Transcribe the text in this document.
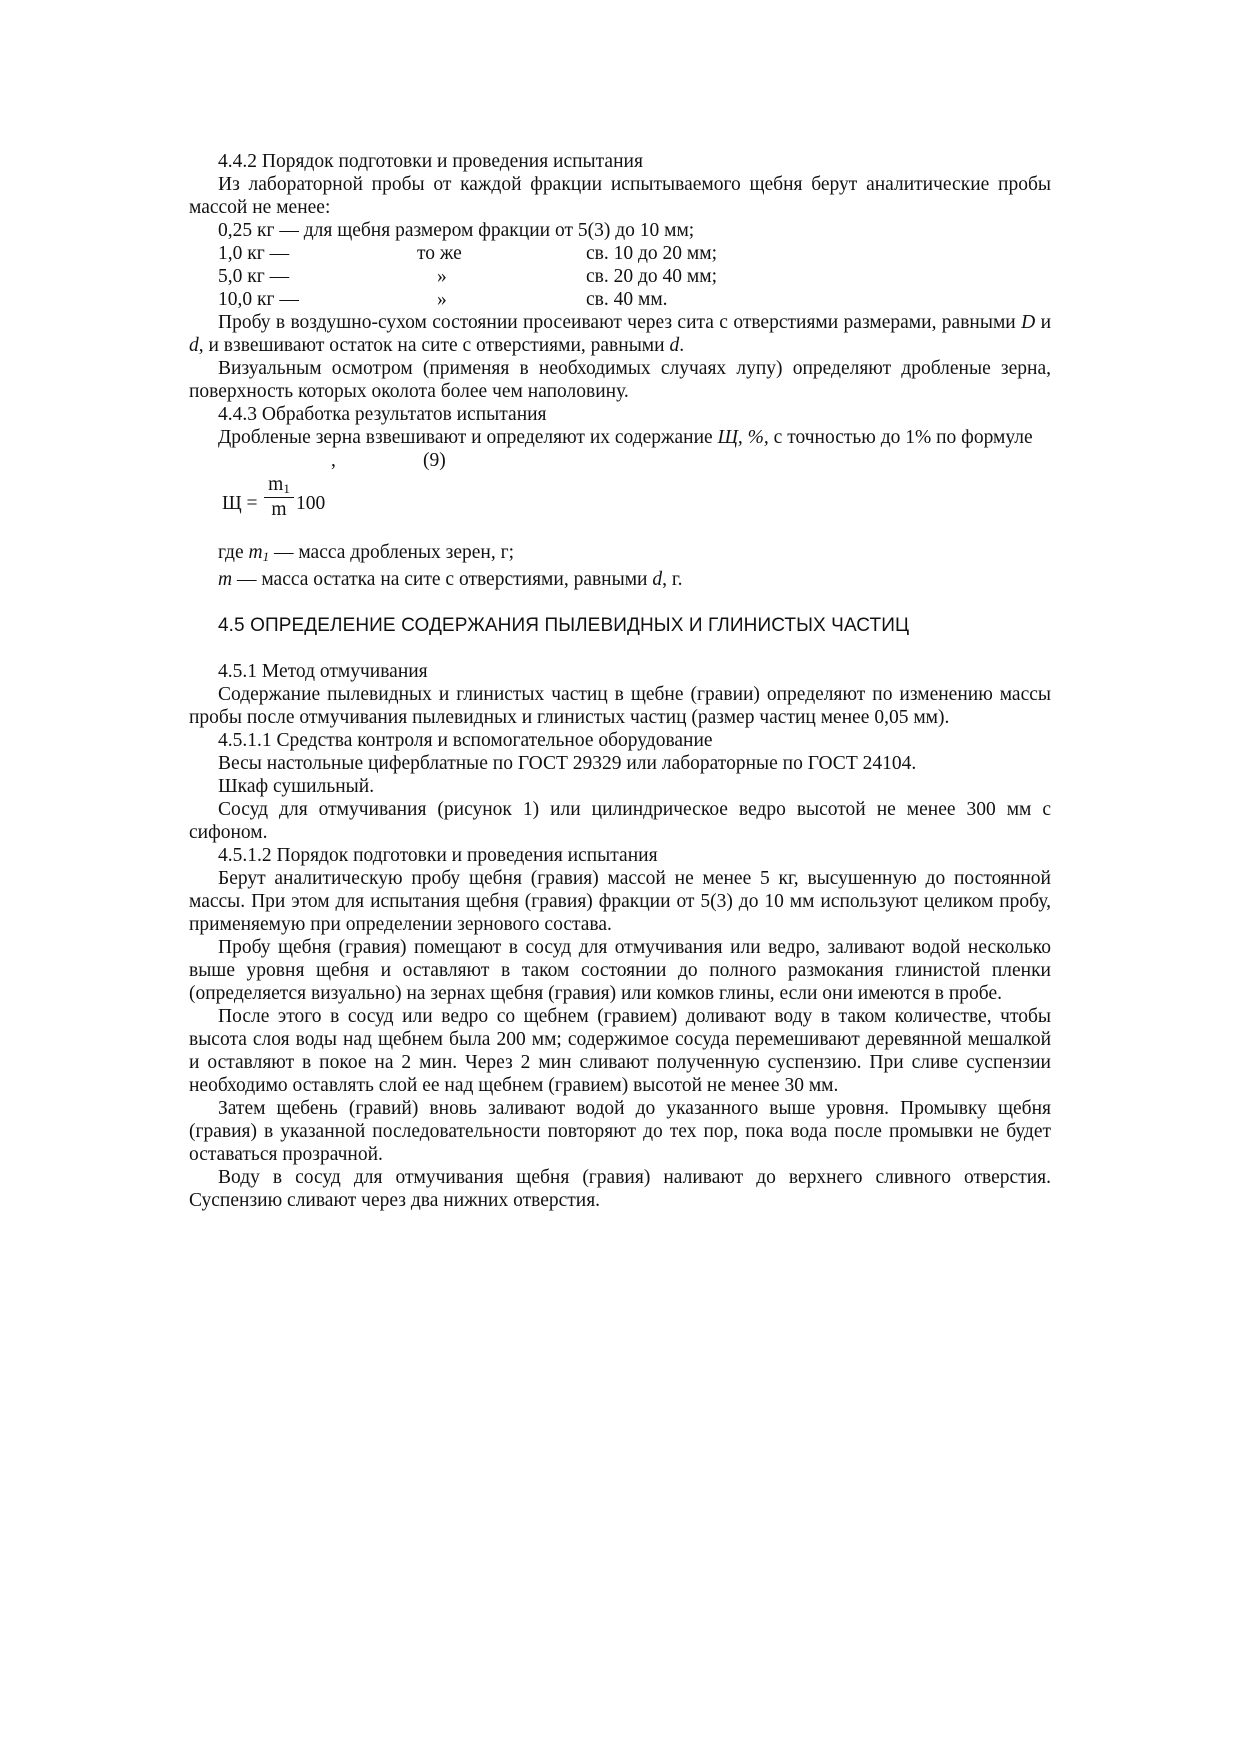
4.4.2 Порядок подготовки и проведения испытания

Из лабораторной пробы от каждой фракции испытываемого щебня берут аналитические пробы массой не менее:

0,25 кг — для щебня размером фракции от 5(3) до 10 мм;
1,0 кг —	то же	св. 10 до 20 мм;
5,0 кг —	»	св. 20 до 40 мм;
10,0 кг —	»	св. 40 мм.

Пробу в воздушно-сухом состоянии просеивают через сита с отверстиями размерами, равными D и d, и взвешивают остаток на сите с отверстиями, равными d.

Визуальным осмотром (применяя в необходимых случаях лупу) определяют дробленые зерна, поверхность которых околота более чем наполовину.

4.4.3 Обработка результатов испытания

Дробленые зерна взвешивают и определяют их содержание Щ, %, с точностью до 1% по формуле

,	(9)
Щ =
$m_1$
m 100

где $m_1$ — масса дробленых зерен, г;

m — масса остатка на сите с отверстиями, равными d, г.

4.5 ОПРЕДЕЛЕНИЕ СОДЕРЖАНИЯ ПЫЛЕВИДНЫХ И ГЛИНИСТЫХ ЧАСТИЦ

4.5.1 Метод отмучивания

Содержание пылевидных и глинистых частиц в щебне (гравии) определяют по изменению массы пробы после отмучивания пылевидных и глинистых частиц (размер частиц менее 0,05 мм).

4.5.1.1 Средства контроля и вспомогательное оборудование

Весы настольные циферблатные по ГОСТ 29329 или лабораторные по ГОСТ 24104.

Шкаф сушильный.

Сосуд для отмучивания (рисунок 1) или цилиндрическое ведро высотой не менее 300 мм с сифоном.

4.5.1.2 Порядок подготовки и проведения испытания

Берут аналитическую пробу щебня (гравия) массой не менее 5 кг, высушенную до постоянной массы. При этом для испытания щебня (гравия) фракции от 5(3) до 10 мм используют целиком пробу, применяемую при определении зернового состава.

Пробу щебня (гравия) помещают в сосуд для отмучивания или ведро, заливают водой несколько выше уровня щебня и оставляют в таком состоянии до полного размокания глинистой пленки (определяется визуально) на зернах щебня (гравия) или комков глины, если они имеются в пробе.

После этого в сосуд или ведро со щебнем (гравием) доливают воду в таком количестве, чтобы высота слоя воды над щебнем была 200 мм; содержимое сосуда перемешивают деревянной мешалкой и оставляют в покое на 2 мин. Через 2 мин сливают полученную суспензию. При сливе суспензии необходимо оставлять слой ее над щебнем (гравием) высотой не менее 30 мм.

Затем щебень (гравий) вновь заливают водой до указанного выше уровня. Промывку щебня (гравия) в указанной последовательности повторяют до тех пор, пока вода после промывки не будет оставаться прозрачной.

Воду в сосуд для отмучивания щебня (гравия) наливают до верхнего сливного отверстия. Суспензию сливают через два нижних отверстия.
